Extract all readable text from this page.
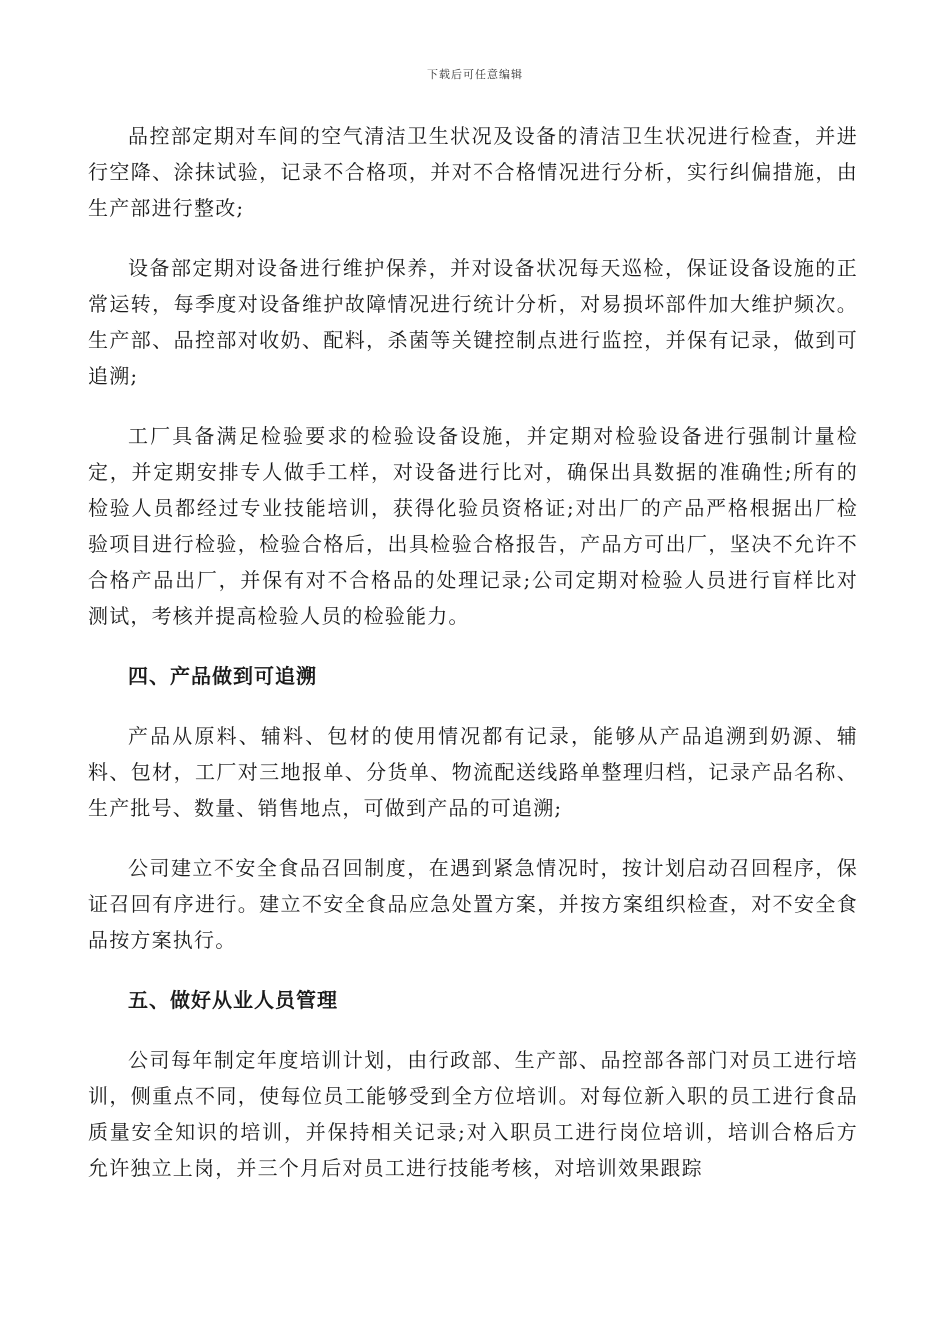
下载后可任意编辑

品控部定期对车间的空气清洁卫生状况及设备的清洁卫生状况进行检查，并进行空降、涂抹试验，记录不合格项，并对不合格情况进行分析，实行纠偏措施，由生产部进行整改;

设备部定期对设备进行维护保养，并对设备状况每天巡检，保证设备设施的正常运转，每季度对设备维护故障情况进行统计分析，对易损坏部件加大维护频次。生产部、品控部对收奶、配料，杀菌等关键控制点进行监控，并保有记录，做到可追溯;

工厂具备满足检验要求的检验设备设施，并定期对检验设备进行强制计量检定，并定期安排专人做手工样，对设备进行比对，确保出具数据的准确性;所有的检验人员都经过专业技能培训，获得化验员资格证;对出厂的产品严格根据出厂检验项目进行检验，检验合格后，出具检验合格报告，产品方可出厂，坚决不允许不合格产品出厂，并保有对不合格品的处理记录;公司定期对检验人员进行盲样比对测试，考核并提高检验人员的检验能力。

四、产品做到可追溯

产品从原料、辅料、包材的使用情况都有记录，能够从产品追溯到奶源、辅料、包材，工厂对三地报单、分货单、物流配送线路单整理归档，记录产品名称、生产批号、数量、销售地点，可做到产品的可追溯;

公司建立不安全食品召回制度，在遇到紧急情况时，按计划启动召回程序，保证召回有序进行。建立不安全食品应急处置方案，并按方案组织检查，对不安全食品按方案执行。

五、做好从业人员管理

公司每年制定年度培训计划，由行政部、生产部、品控部各部门对员工进行培训，侧重点不同，使每位员工能够受到全方位培训。对每位新入职的员工进行食品质量安全知识的培训，并保持相关记录;对入职员工进行岗位培训，培训合格后方允许独立上岗，并三个月后对员工进行技能考核，对培训效果跟踪
